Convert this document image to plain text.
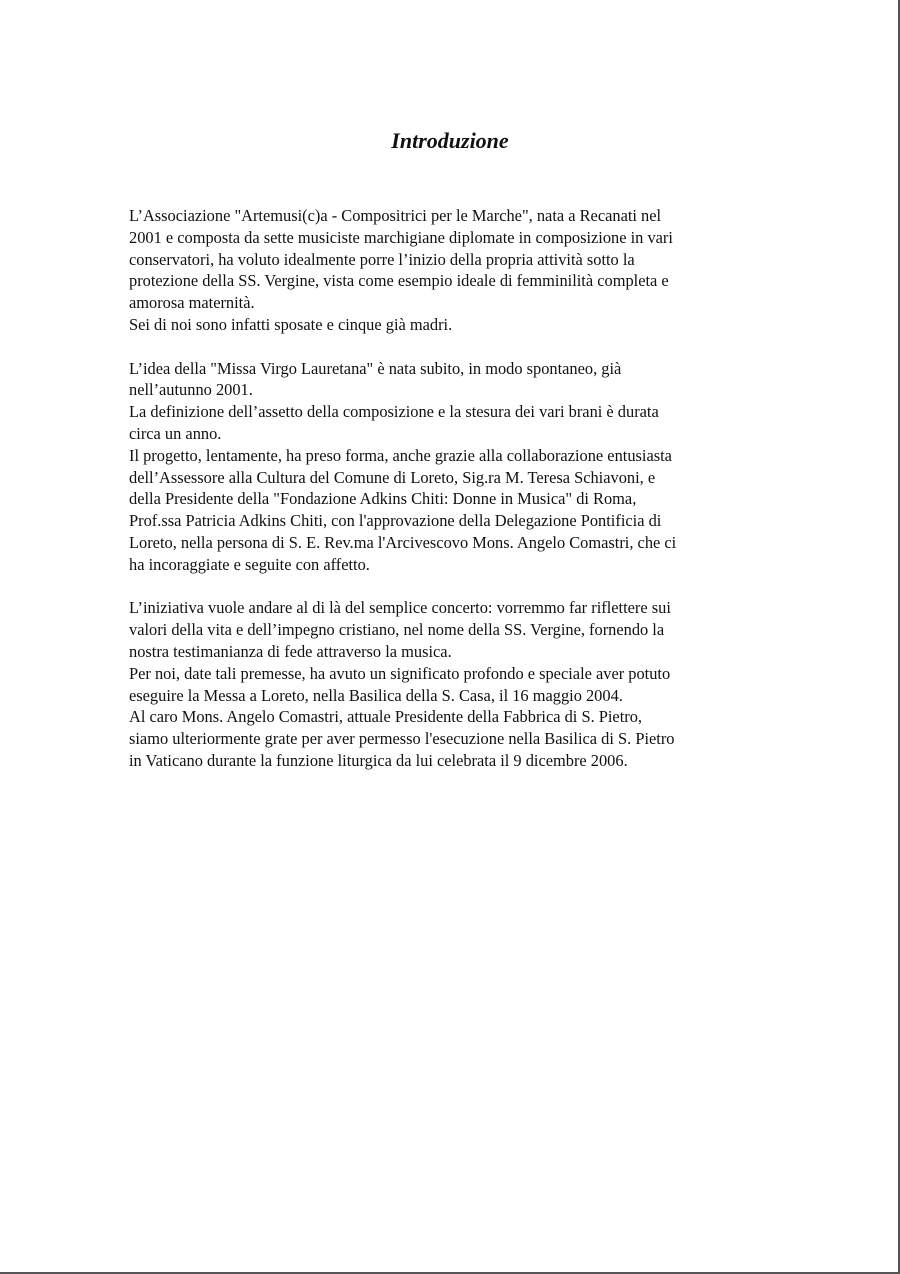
Introduzione
L’Associazione "Artemusi(c)a - Compositrici per le Marche", nata a Recanati nel
2001 e composta da sette musiciste marchigiane diplomate in composizione in vari
conservatori, ha voluto idealmente porre l’inizio della propria attività sotto la
protezione della SS. Vergine, vista come esempio ideale di femminilità completa e
amorosa maternità.
Sei di noi sono infatti sposate e cinque già madri.
L’idea della "Missa Virgo Lauretana" è nata subito, in modo spontaneo, già
nell’autunno 2001.
La definizione dell’assetto della composizione e la stesura dei vari brani è durata
circa un anno.
Il progetto, lentamente, ha preso forma, anche grazie alla collaborazione entusiasta
dell’Assessore alla Cultura del Comune di Loreto, Sig.ra M. Teresa Schiavoni, e
della Presidente della "Fondazione Adkins Chiti: Donne in Musica" di Roma,
Prof.ssa Patricia Adkins Chiti, con l'approvazione della Delegazione Pontificia di
Loreto, nella persona di S. E. Rev.ma l'Arcivescovo Mons. Angelo Comastri, che ci
ha incoraggiate e seguite con affetto.
L’iniziativa vuole andare al di là del semplice concerto: vorremmo far riflettere sui
valori della vita e dell’impegno cristiano, nel nome della SS. Vergine, fornendo la
nostra testimanianza di fede attraverso la musica.
Per noi, date tali premesse, ha avuto un significato profondo e speciale aver potuto
eseguire la Messa a Loreto, nella Basilica della S. Casa, il 16 maggio 2004.
Al caro Mons. Angelo Comastri, attuale Presidente della Fabbrica di S. Pietro,
siamo ulteriormente grate per aver permesso l'esecuzione nella Basilica di S. Pietro
in Vaticano durante la funzione liturgica da lui celebrata il 9 dicembre 2006.
